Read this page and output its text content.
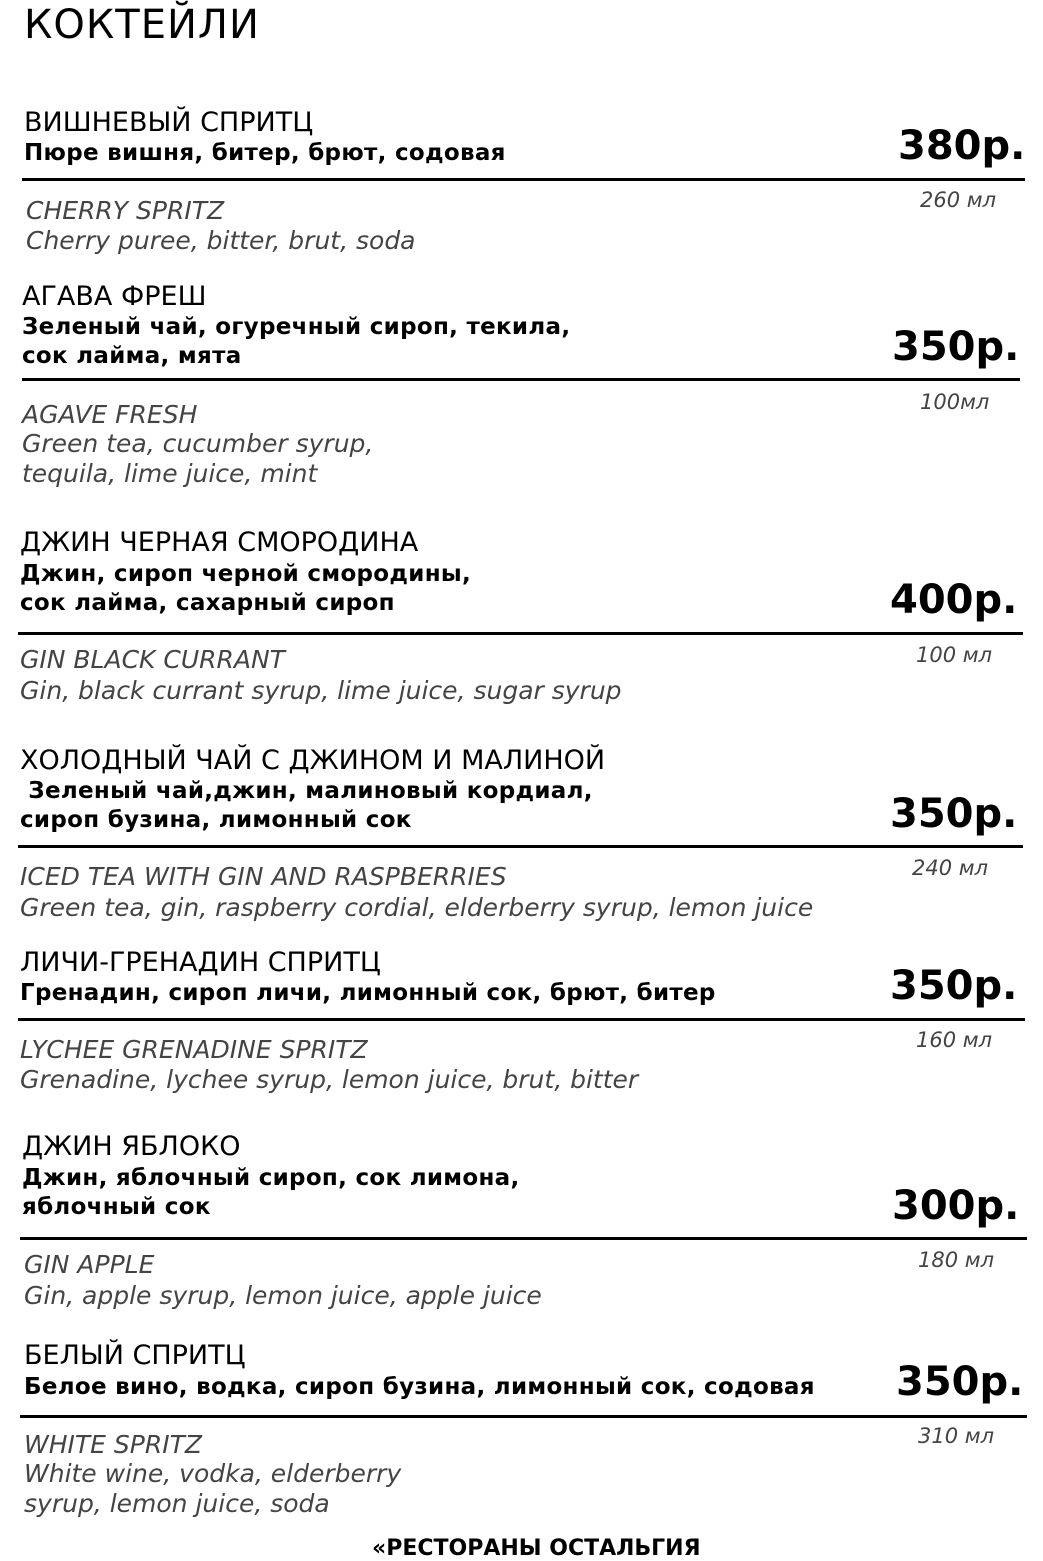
КОКТЕЙЛИ
ВИШНЕВЫЙ СПРИТЦ
Пюре вишня, битер, брют, содовая	380р.
CHERRY SPRITZ
Cherry puree, bitter, brut, soda
260 мл
АГАВА ФРЕШ
Зеленый чай, огуречный сироп, текила,
сок лайма, мята	350р.
AGAVE FRESH
Green tea, cucumber syrup,
tequila, lime juice, mint
100мл
ДЖИН ЧЕРНАЯ СМОРОДИНА
Джин, сироп черной смородины,
сок лайма, сахарный сироп	400р.
GIN BLACK CURRANT
Gin, black currant syrup, lime juice, sugar syrup
100 мл
ХОЛОДНЫЙ ЧАЙ С ДЖИНОМ И МАЛИНОЙ
Зеленый чай,джин, малиновый кордиал,
сироп бузина, лимонный сок	350р.
ICED TEA WITH GIN AND RASPBERRIES
Green tea, gin, raspberry cordial, elderberry syrup, lemon juice
240 мл
ЛИЧИ-ГРЕНАДИН СПРИТЦ
Гренадин, сироп личи, лимонный сок, брют, битер	350р.
LYCHEE GRENADINE SPRITZ
Grenadine, lychee syrup, lemon juice, brut, bitter
160 мл
ДЖИН ЯБЛОКО
Джин, яблочный сироп, сок лимона,
яблочный сок	300р.
GIN APPLE
Gin, apple syrup, lemon juice, apple juice
180 мл
БЕЛЫЙ СПРИТЦ
Белое вино, водка, сироп бузина, лимонный сок, содовая 350р.
WHITE SPRITZ
White wine, vodka, elderberry
syrup, lemon juice, soda
310 мл
«РЕСТОРАНЫ ОСТАЛЬГИЯ
